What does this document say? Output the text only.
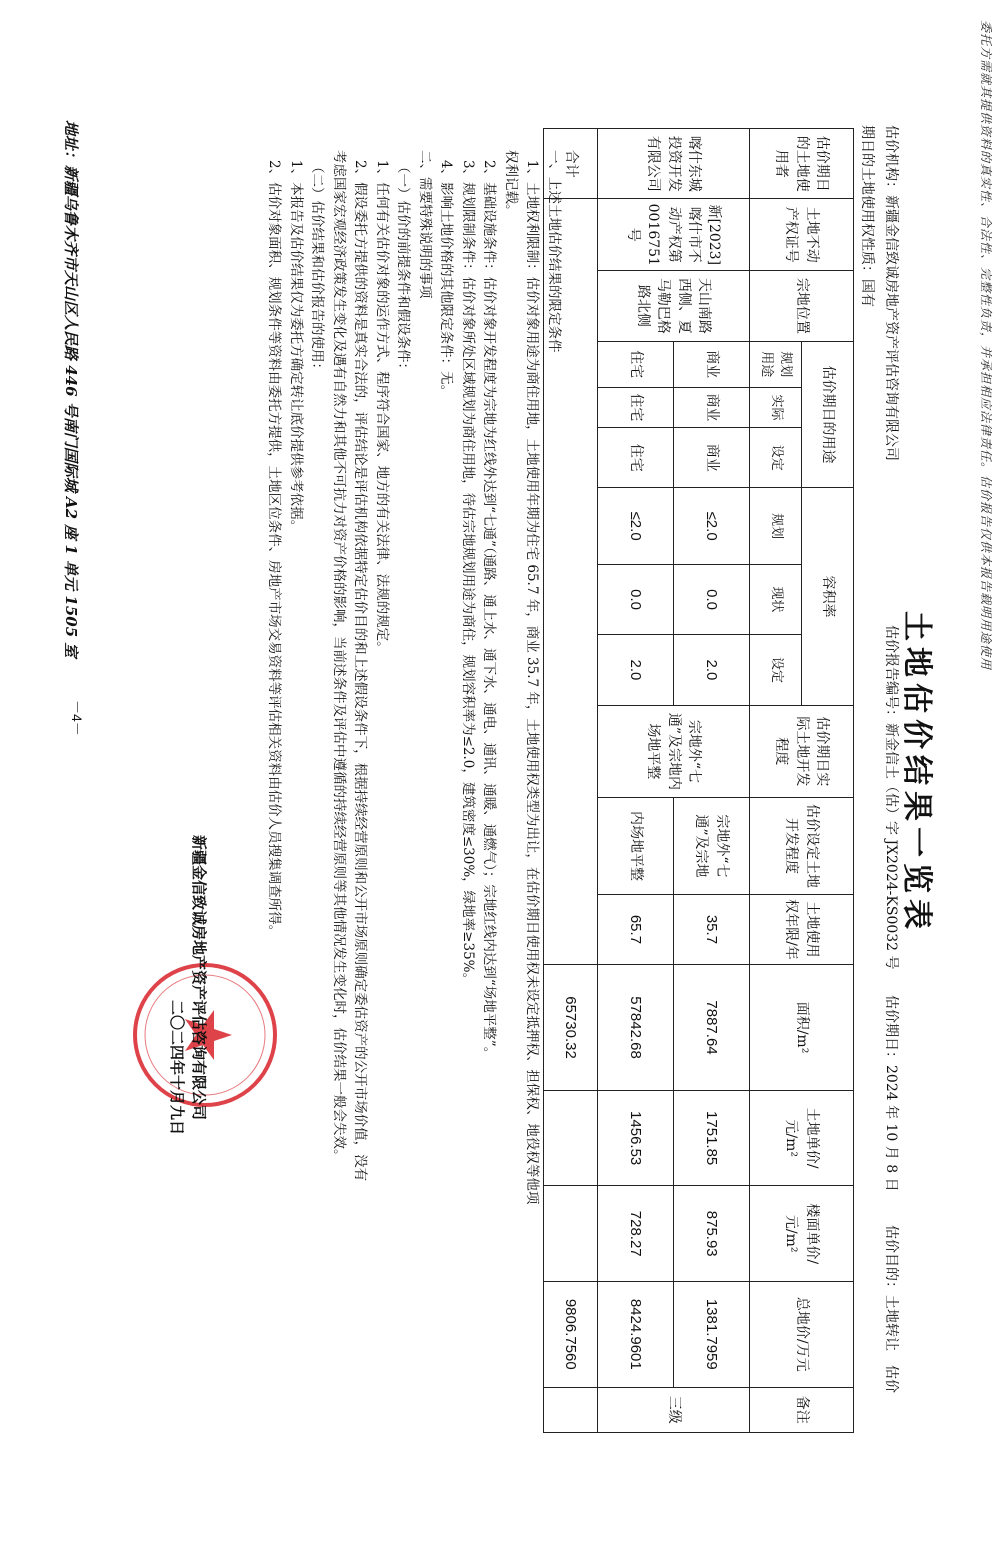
委托方需就其提供资料的真实性、合法性、完整性负责，并承担相应法律责任。估价报告仅供本报告载明用途使用
土地估价结果一览表
估价机构：新疆金信致诚房地产资产评估咨询有限公司
估价报告编号：新金信土（估）字 JX2024-KS0032 号
估价期日：2024 年 10 月 8 日
估价目的：土地转让　估价
期日的土地使用权性质：国有
估价期日的土地使用者	土地不动产权证号	宗地位置	估价期日的用途			容积率			估价期日实际土地开发程度	估价设定土地开发程度	土地使用权年限/年	面积/m²	土地单价/元/m²	楼面单价/元/m²	总地价/万元	备注
			规划用途	实际	设定	规划	现状	设定								
喀什东城投资开发有限公司	新[2023]喀什市不动产权第0016751号	天山南路西侧、夏马勒巴格路北侧	商业	商业	商业	≤2.0	0.0	2.0	宗地外“七通”及宗地内场地平整	宗地外“七通”及宗地	35.7	7887.64	1751.85	875.93	1381.7959	三级
			住宅	住宅	住宅	≤2.0	0.0	2.0		内场地平整	65.7	57842.68	1456.53	728.27	8424.9601	
合计												65730.32			9806.7560	

一、上述土地估价结果的限定条件

1、土地权利限制：估价对象用途为商住用地，土地使用年期为住宅 65.7 年，商业 35.7 年，土地使用权类型为出让，在估价期日使用权未设定抵押权、担保权、地役权等他项

权利记载。

2、基础设施条件：估价对象开发程度为宗地为红线外达到“七通”（通路、通上水、通下水、通电、通讯、通暖、通燃气）；宗地红线内达到“场地平整”。

3、规划限制条件：估价对象所处区域规划为商住用地，待估宗地规划用途为商住，规划容积率为≤2.0，建筑密度≤30%，绿地率≥35%。

4、影响土地价格的其他限定条件：无。

二、需要特殊说明的事项

（一）估价的前提条件和假设条件：

1、任何有关估价对象的运作方式、程序符合国家、地方的有关法律、法规的规定。

2、假设委托方提供的资料是真实合法的，评估结论是评估机构依据特定估价目的和上述假设条件下，根据持续经营原则和公开市场原则确定委估资产的公开市场价值，没有

考虑国家宏观经济政策发生变化及遇有自然力和其他不可抗力对资产价格的影响，当前述条件及评估中遵循的持续经营原则等其他情况发生变化时，估价结果一般会失效。

（二）估价结果和估价报告的使用：

1、本报告及估价结果仅为委托方确定转让底价提供参考依据。

2、估价对象面积、规划条件等资料由委托方提供，土地区位条件、房地产市场交易资料等评估相关资料由估价人员搜集调查所得。

新疆金信致诚房地产资产评估咨询有限公司
二〇二四年十月九日
－4－
地址：新疆乌鲁木齐市天山区人民路 446 号南门国际城 A2 座 1 单元 1505 室
